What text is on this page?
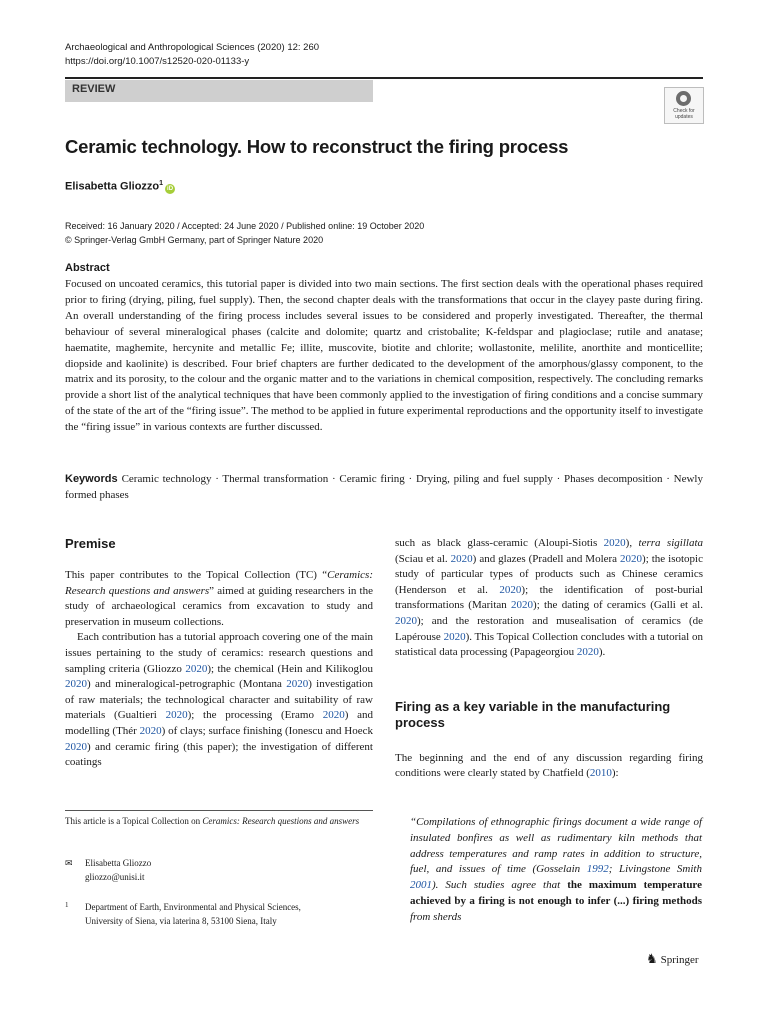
Archaeological and Anthropological Sciences (2020) 12: 260
https://doi.org/10.1007/s12520-020-01133-y
REVIEW
Check for updates
Ceramic technology. How to reconstruct the firing process
Elisabetta Gliozzo$^1$iD
Received: 16 January 2020 / Accepted: 24 June 2020 / Published online: 19 October 2020
© Springer-Verlag GmbH Germany, part of Springer Nature 2020
Abstract

Focused on uncoated ceramics, this tutorial paper is divided into two main sections. The first section deals with the operational phases required prior to firing (drying, piling, fuel supply). Then, the second chapter deals with the transformations that occur in the clayey paste during firing. An overall understanding of the firing process includes several issues to be considered and properly investigated. Thereafter, the thermal behaviour of several mineralogical phases (calcite and dolomite; quartz and cristobalite; K-feldspar and plagioclase; rutile and anatase; haematite, maghemite, hercynite and metallic Fe; illite, muscovite, biotite and chlorite; wollastonite, melilite, anorthite and monticellite; diopside and kaolinite) is described. Four brief chapters are further dedicated to the development of the amorphous/glassy component, to the matrix and its porosity, to the colour and the organic matter and to the variations in chemical composition, respectively. The concluding remarks provide a short list of the analytical techniques that have been commonly applied to the investigation of firing conditions and a concise summary of the state of the art of the “firing issue”. The method to be applied in future experimental reproductions and the opportunity itself to investigate the “firing issue” in various contexts are further discussed.

Keywords Ceramic technology · Thermal transformation · Ceramic firing · Drying, piling and fuel supply · Phases decomposition · Newly formed phases

Premise

This paper contributes to the Topical Collection (TC) “Ceramics: Research questions and answers” aimed at guiding researchers in the study of archaeological ceramics from excavation to study and preservation in museum collections.

Each contribution has a tutorial approach covering one of the main issues pertaining to the study of ceramics: research questions and sampling criteria (Gliozzo 2020); the chemical (Hein and Kilikoglou 2020) and mineralogical-petrographic (Montana 2020) investigation of raw materials; the technological character and suitability of raw materials (Gualtieri 2020); the processing (Eramo 2020) and modelling (Thér 2020) of clays; surface finishing (Ionescu and Hoeck 2020) and ceramic firing (this paper); the investigation of different coatings

This article is a Topical Collection on Ceramics: Research questions and answers

✉ Elisabetta Gliozzo
gliozzo@unisi.it
1 Department of Earth, Environmental and Physical Sciences,
University of Siena, via laterina 8, 53100 Siena, Italy

such as black glass-ceramic (Aloupi-Siotis 2020), terra sigillata (Sciau et al. 2020) and glazes (Pradell and Molera 2020); the isotopic study of particular types of products such as Chinese ceramics (Henderson et al. 2020); the identification of post-burial transformations (Maritan 2020); the dating of ceramics (Galli et al. 2020); and the restoration and musealisation of ceramics (de Lapérouse 2020). This Topical Collection concludes with a tutorial on statistical data processing (Papageorgiou 2020).

Firing as a key variable in the manufacturing process

The beginning and the end of any discussion regarding firing conditions were clearly stated by Chatfield (2010):

“Compilations of ethnographic firings document a wide range of insulated bonfires as well as rudimentary kiln methods that address temperatures and ramp rates in addition to structure, fuel, and issues of time (Gosselain 1992; Livingstone Smith 2001). Such studies agree that the maximum temperature achieved by a firing is not enough to infer (...) firing methods from sherds

♞ Springer
